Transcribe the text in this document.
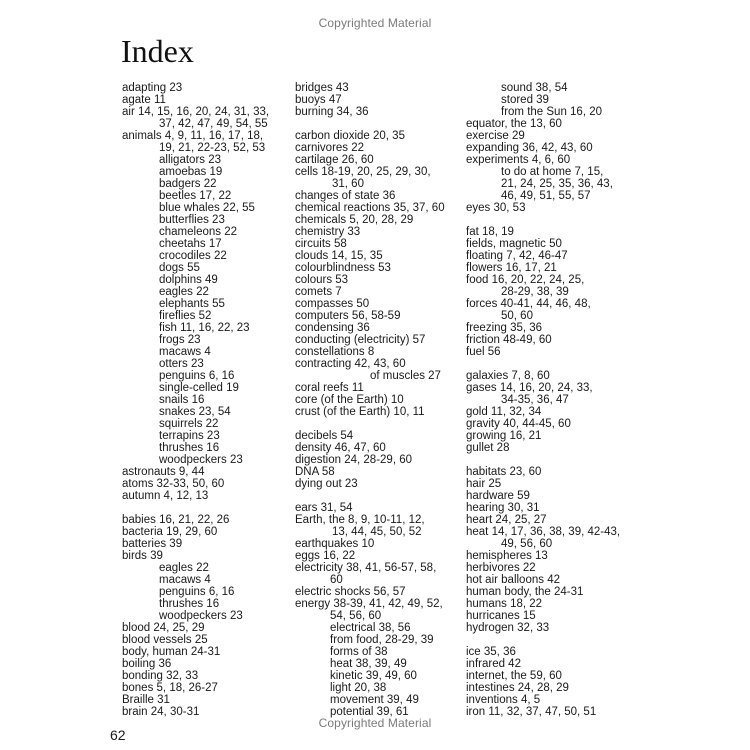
Copyrighted Material
Index
adapting 23
agate 11
air 14, 15, 16, 20, 24, 31, 33,
37, 42, 47, 49, 54, 55
animals 4, 9, 11, 16, 17, 18,
19, 21, 22-23, 52, 53
alligators 23
amoebas 19
badgers 22
beetles 17, 22
blue whales 22, 55
butterflies 23
chameleons 22
cheetahs 17
crocodiles 22
dogs 55
dolphins 49
eagles 22
elephants 55
fireflies 52
fish 11, 16, 22, 23
frogs 23
macaws 4
otters 23
penguins 6, 16
single-celled 19
snails 16
snakes 23, 54
squirrels 22
terrapins 23
thrushes 16
woodpeckers 23
astronauts 9, 44
atoms 32-33, 50, 60
autumn 4, 12, 13
babies 16, 21, 22, 26
bacteria 19, 29, 60
batteries 39
birds 39
eagles 22
macaws 4
penguins 6, 16
thrushes 16
woodpeckers 23
blood 24, 25, 29
blood vessels 25
body, human 24-31
boiling 36
bonding 32, 33
bones 5, 18, 26-27
Braille 31
brain 24, 30-31
bridges 43
buoys 47
burning 34, 36
carbon dioxide 20, 35
carnivores 22
cartilage 26, 60
cells 18-19, 20, 25, 29, 30,
31, 60
changes of state 36
chemical reactions 35, 37, 60
chemicals 5, 20, 28, 29
chemistry 33
circuits 58
clouds 14, 15, 35
colourblindness 53
colours 53
comets 7
compasses 50
computers 56, 58-59
condensing 36
conducting (electricity) 57
constellations 8
contracting 42, 43, 60
of muscles 27
coral reefs 11
core (of the Earth) 10
crust (of the Earth) 10, 11
decibels 54
density 46, 47, 60
digestion 24, 28-29, 60
DNA 58
dying out 23
ears 31, 54
Earth, the 8, 9, 10-11, 12,
13, 44, 45, 50, 52
earthquakes 10
eggs 16, 22
electricity 38, 41, 56-57, 58,
60
electric shocks 56, 57
energy 38-39, 41, 42, 49, 52,
54, 56, 60
electrical 38, 56
from food, 28-29, 39
forms of 38
heat 38, 39, 49
kinetic 39, 49, 60
light 20, 38
movement 39, 49
potential 39, 61
sound 38, 54
stored 39
from the Sun 16, 20
equator, the 13, 60
exercise 29
expanding 36, 42, 43, 60
experiments 4, 6, 60
to do at home 7, 15,
21, 24, 25, 35, 36, 43,
46, 49, 51, 55, 57
eyes 30, 53
fat 18, 19
fields, magnetic 50
floating 7, 42, 46-47
flowers 16, 17, 21
food 16, 20, 22, 24, 25,
28-29, 38, 39
forces 40-41, 44, 46, 48,
50, 60
freezing 35, 36
friction 48-49, 60
fuel 56
galaxies 7, 8, 60
gases 14, 16, 20, 24, 33,
34-35, 36, 47
gold 11, 32, 34
gravity 40, 44-45, 60
growing 16, 21
gullet 28
habitats 23, 60
hair 25
hardware 59
hearing 30, 31
heart 24, 25, 27
heat 14, 17, 36, 38, 39, 42-43,
49, 56, 60
hemispheres 13
herbivores 22
hot air balloons 42
human body, the 24-31
humans 18, 22
hurricanes 15
hydrogen 32, 33
ice 35, 36
infrared 42
internet, the 59, 60
intestines 24, 28, 29
inventions 4, 5
iron 11, 32, 37, 47, 50, 51
Copyrighted Material
62
